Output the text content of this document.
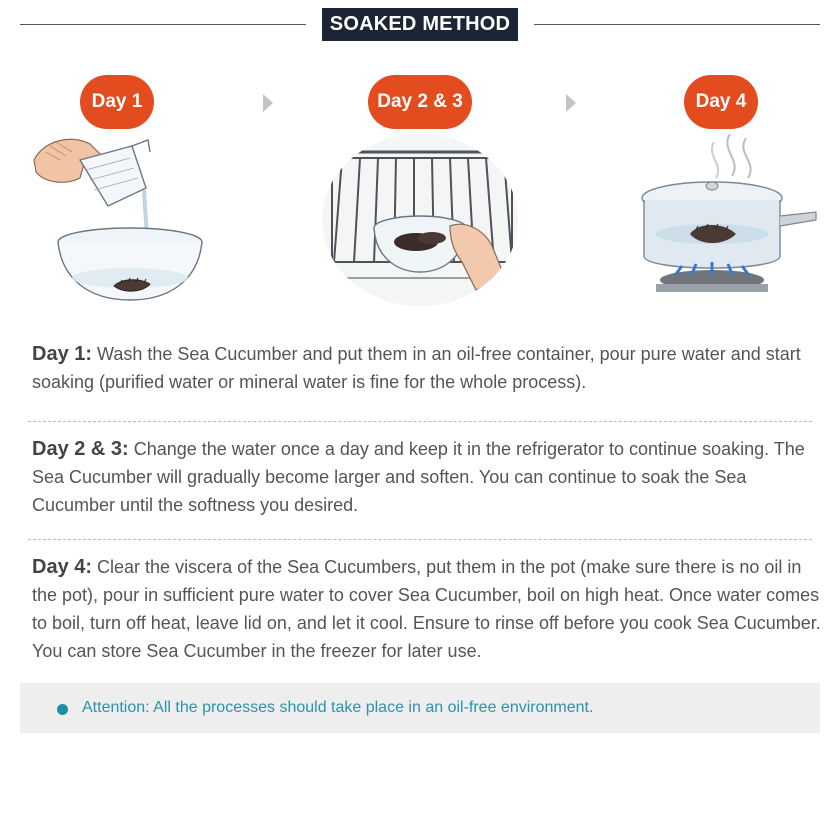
SOAKED METHOD
Day 1	Day 2 & 3	Day 4
Day 1: Wash the Sea Cucumber and put them in an oil-free container, pour pure water and start soaking (purified water or mineral water is fine for the whole process).
Day 2 & 3: Change the water once a day and keep it in the refrigerator to continue soaking. The Sea Cucumber will gradually become larger and soften. You can continue to soak the Sea Cucumber until the softness you desired.
Day 4: Clear the viscera of the Sea Cucumbers, put them in the pot (make sure there is no oil in the pot), pour in sufficient pure water to cover Sea Cucumber, boil on high heat. Once water comes to boil, turn off heat, leave lid on, and let it cool. Ensure to rinse off before you cook Sea Cucumber. You can store Sea Cucumber in the freezer for later use.
Attention: All the processes should take place in an oil-free environment.
